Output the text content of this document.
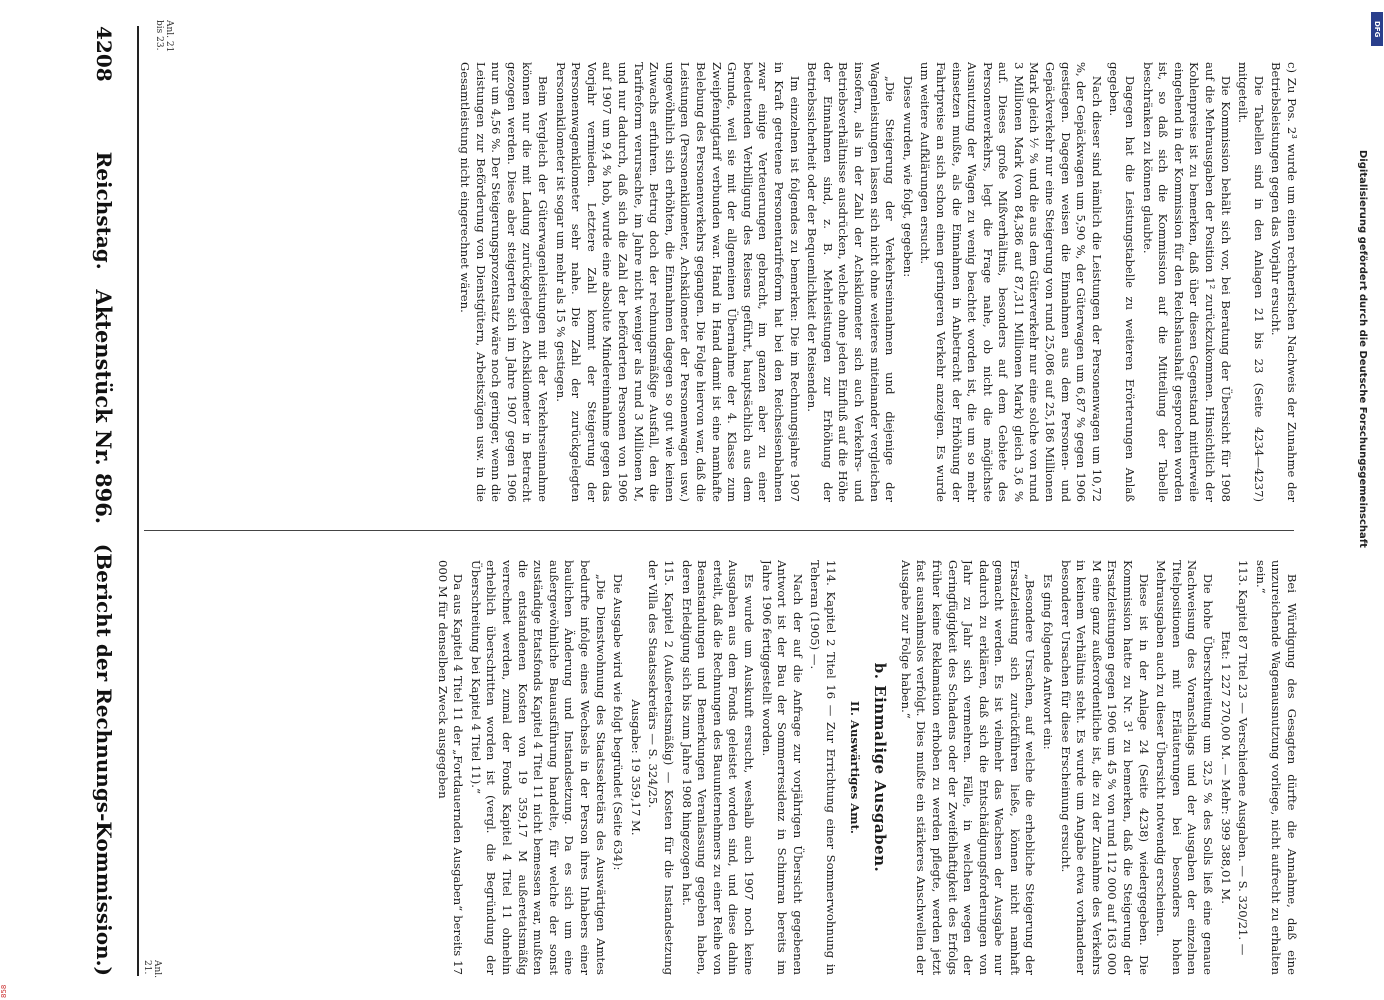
4208
Reichstag.
Aktenstück Nr. 896.
(Bericht der Rechnungs-Kommission.)
Anl. 21 bis 23.
Anl. 21.

c) Zu Pos. 2³ wurde um einen rechnerischen Nachweis der Zunahme der Betriebsleistungen gegen das Vorjahr ersucht.

Die Tabellen sind in den Anlagen 21 bis 23 (Seite 4234—4237) mitgeteilt.

Die Kommission behält sich vor, bei Beratung der Übersicht für 1908 auf die Mehrausgaben der Position 1² zurückzukommen. Hinsichtlich der Kohlenpreise ist zu bemerken, daß über diesen Gegenstand mittlerweile eingehend in der Kommission für den Reichshaushalt gesprochen worden ist, so daß sich die Kommission auf die Mitteilung der Tabelle beschränken zu können glaubte.

Dagegen hat die Leistungstabelle zu weiteren Erörterungen Anlaß gegeben.

Nach dieser sind nämlich die Leistungen der Personenwagen um 10,72 %, der Gepäckwagen um 5,90 %, der Güterwagen um 6,87 % gegen 1906 gestiegen. Dagegen weisen die Einnahmen aus dem Personen- und Gepäckverkehr nur eine Steigerung von rund 25,086 auf 25,186 Millionen Mark gleich ⅐ % und die aus dem Güterverkehr nur eine solche von rund 3 Millionen Mark (von 84,386 auf 87,311 Millionen Mark) gleich 3,6 % auf. Dieses große Mißverhältnis, besonders auf dem Gebiete des Personenverkehrs, legt die Frage nahe, ob nicht die möglichste Ausnutzung der Wagen zu wenig beachtet worden ist, die um so mehr einsetzen mußte, als die Einnahmen in Anbetracht der Erhöhung der Fahrtpreise an sich schon einen geringeren Verkehr anzeigen. Es wurde um weitere Aufklärungen ersucht.

Diese wurden, wie folgt, gegeben:

„Die Steigerung der Verkehrseinnahmen und diejenige der Wagenleistungen lassen sich nicht ohne weiteres miteinander vergleichen insofern, als in der Zahl der Achskilometer sich auch Verkehrs- und Betriebsverhältnisse ausdrücken, welche ohne jeden Einfluß auf die Höhe der Einnahmen sind, z. B. Mehrleistungen zur Erhöhung der Betriebssicherheit oder der Bequemlichkeit der Reisenden.

Im einzelnen ist folgendes zu bemerken: Die im Rechnungsjahre 1907 in Kraft getretene Personentarifreform hat bei den Reichseisenbahnen zwar einige Verteuerungen gebracht, im ganzen aber zu einer bedeutenden Verbilligung des Reisens geführt, hauptsächlich aus dem Grunde, weil sie mit der allgemeinen Übernahme der 4. Klasse zum Zweipfennigtarif verbunden war. Hand in Hand damit ist eine namhafte Belebung des Personenverkehrs gegangen. Die Folge hiervon war, daß die Leistungen (Personenkilometer, Achskilometer der Personenwagen usw.) ungewöhnlich sich erhöhten, die Einnahmen dagegen so gut wie keinen Zuwachs erfuhren. Betrug doch der rechnungsmäßige Ausfall, den die Tarifreform verursachte, im Jahre nicht weniger als rund 3 Millionen M, und nur dadurch, daß sich die Zahl der beförderten Personen von 1906 auf 1907 um 9,4 % hob, wurde eine absolute Mindereinnahme gegen das Vorjahr vermieden. Letztere Zahl kommt der Steigerung der Personenwagenkilometer sehr nahe. Die Zahl der zurückgelegten Personenkilometer ist sogar um mehr als 15 % gestiegen.

Beim Vergleich der Güterwagenleistungen mit der Verkehrseinnahme können nur die mit Ladung zurückgelegten Achskilometer in Betracht gezogen werden. Diese aber steigerten sich im Jahre 1907 gegen 1906 nur um 4,56 %. Der Steigerungsprozentsatz wäre noch geringer, wenn die Leistungen zur Beförderung von Dienstgütern, Arbeitszügen usw. in die Gesamtleistung nicht eingerechnet wären.

Bei Würdigung des Gesagten dürfte die Annahme, daß eine unzureichende Wagenausnutzung vorliege, nicht aufrecht zu erhalten sein.“

113. Kapitel 87 Titel 23 — Verschiedene Ausgaben. — S. 320/21. —

Etat: 1 227 270,00 M. — Mehr: 399 388,01 M.

Die hohe Überschreitung um 32,5 % des Solls ließ eine genaue Nachweisung des Voranschlags und der Ausgaben der einzelnen Titelpositionen mit Erläuterungen bei besonders hohen Mehrausgaben auch zu dieser Übersicht notwendig erscheinen.

Diese ist in der Anlage 24 (Seite 4238) wiedergegeben. Die Kommission hatte zu Nr. 3¹ zu bemerken, daß die Steigerung der Ersatzleistungen gegen 1906 um 45 % von rund 112 000 auf 163 000 M eine ganz außerordentliche ist, die zu der Zunahme des Verkehrs in keinem Verhältnis steht. Es wurde um Angabe etwa vorhandener besonderer Ursachen für diese Erscheinung ersucht.

Es ging folgende Antwort ein:

„Besondere Ursachen, auf welche die erhebliche Steigerung der Ersatzleistung sich zurückführen ließe, können nicht namhaft gemacht werden. Es ist vielmehr das Wachsen der Ausgabe nur dadurch zu erklären, daß sich die Entschädigungsforderungen von Jahr zu Jahr sich vermehren. Fälle, in welchen wegen der Geringfügigkeit des Schadens oder der Zweifelhaftigkeit des Erfolgs früher keine Reklamation erhoben zu werden pflegte, werden jetzt fast ausnahmslos verfolgt. Dies mußte ein stärkeres Anschwellen der Ausgabe zur Folge haben.“

b. Einmalige Ausgaben.

II. Auswärtiges Amt.

114. Kapitel 2 Titel 16 — Zur Errichtung einer Sommerwohnung in Teheran (1905) —.

Nach der auf die Anfrage zur vorjährigen Übersicht gegebenen Antwort ist der Bau der Sommerresidenz in Schimran bereits im Jahre 1906 fertiggestellt worden.

Es wurde um Auskunft ersucht, weshalb auch 1907 noch keine Ausgaben aus dem Fonds geleistet worden sind, und diese dahin erteilt, daß die Rechnungen des Bauunternehmers zu einer Reihe von Beanstandungen und Bemerkungen Veranlassung gegeben haben, deren Erledigung sich bis zum Jahre 1908 hingezogen hat.

115. Kapitel 2 (Außeretatsmäßig) — Kosten für die Instandsetzung der Villa des Staatssekretärs — S. 324/25.

Ausgabe: 19 359,17 M.

Die Ausgabe wird wie folgt begründet (Seite 634):

„Die Dienstwohnung des Staatssekretärs des Auswärtigen Amtes bedurfte infolge eines Wechsels in der Person ihres Inhabers einer baulichen Änderung und Instandsetzung. Da es sich um eine außergewöhnliche Bauausführung handelte, für welche der sonst zuständige Etatsfonds Kapitel 4 Titel 11 nicht bemessen war, mußten die entstandenen Kosten von 19 359,17 M außeretatsmäßig verrechnet werden, zumal der Fonds Kapitel 4 Titel 11 ohnehin erheblich überschritten worden ist (vergl. die Begründung der Überschreitung bei Kapitel 4 Titel 11).“

Da aus Kapitel 4 Titel 11 der „Fortdauernden Ausgaben“ bereits 17 000 M für denselben Zweck ausgegeben

DFG
Digitalisierung gefördert durch die Deutsche Forschungsgemeinschaft
858
